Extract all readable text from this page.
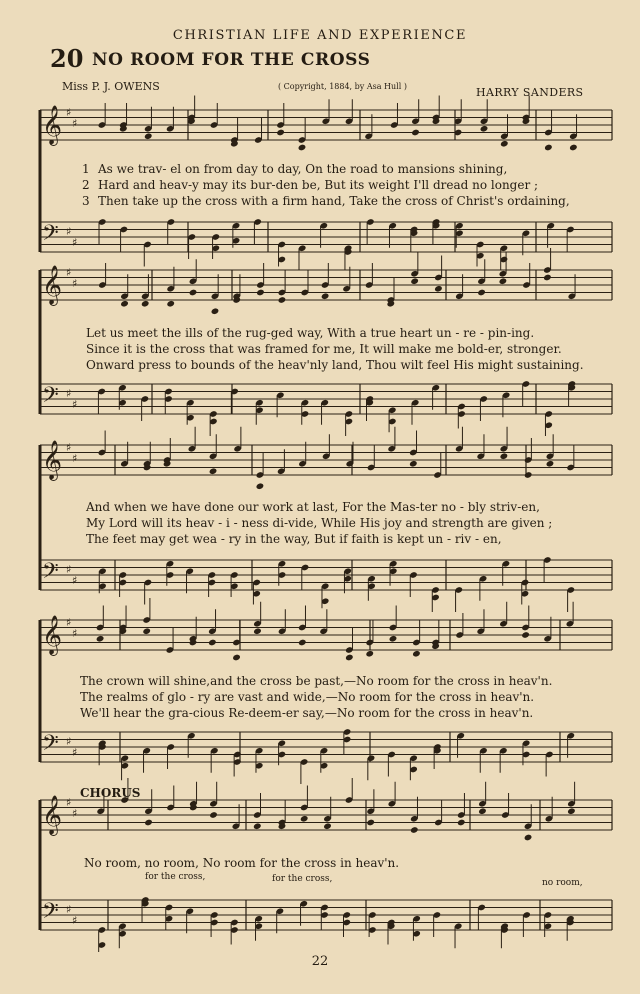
CHRISTIAN LIFE AND EXPERIENCE
20 NO ROOM FOR THE CROSS
Miss P. J. OWENS	( Copyright, 1884, by Asa Hull )	HARRY SANDERS
𝄞 ♯
♯
𝄢 ♯
♯
𝄞 ♯
♯
𝄢 ♯
♯
𝄞 ♯
♯
𝄢 ♯
♯
𝄞 ♯
♯
𝄢 ♯
♯
𝄞 ♯
♯
𝄢 ♯
♯
1 As we trav- el on from day to day, On the road to mansions shining,
2 Hard and heav-y may its bur-den be, But its weight I'll dread no longer ;
3 Then take up the cross with a firm hand, Take the cross of Christ's ordaining,
Let us meet the ills of the rug-ged way, With a true heart un - re - pin-ing.
Since it is the cross that was framed for me, It will make me bold-er, stronger.
Onward press to bounds of the heav'nly land, Thou wilt feel His might sustaining.
And when we have done our work at last, For the Mas-ter no - bly striv-en,
My Lord will its heav - i - ness di-vide, While His joy and strength are given ;
The feet may get wea - ry in the way, But if faith is kept un - riv - en,
The crown will shine,and the cross be past,—No room for the cross in heav'n.
The realms of glo - ry are vast and wide,—No room for the cross in heav'n.
We'll hear the gra-cious Re-deem-er say,—No room for the cross in heav'n.
CHORUS
No room, no room, No room for the cross in heav'n.
for the cross,	for the cross,	no room,
22
